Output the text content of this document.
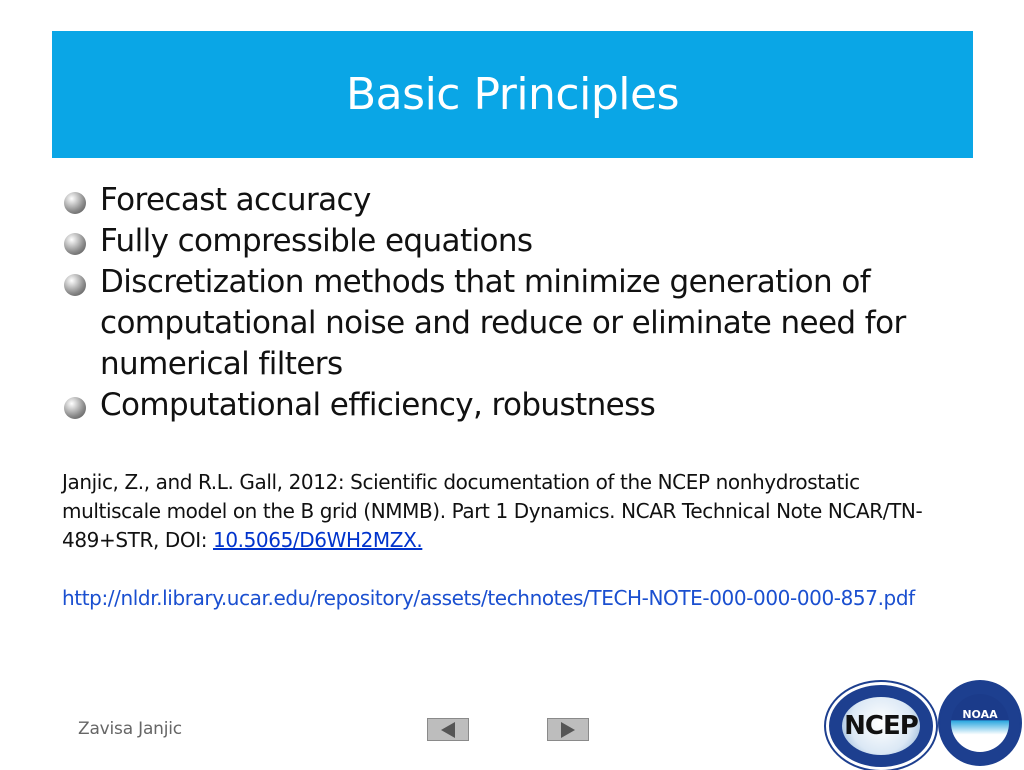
Basic Principles
Forecast accuracy
Fully compressible equations
Discretization methods that minimize generation of computational noise and reduce or eliminate need for numerical filters
Computational efficiency, robustness

Janjic, Z., and R.L. Gall, 2012: Scientific documentation of the NCEP nonhydrostatic multiscale model on the B grid (NMMB). Part 1 Dynamics. NCAR Technical Note NCAR/TN-489+STR, DOI: 10.5065/D6WH2MZX.

http://nldr.library.ucar.edu/repository/assets/technotes/TECH-NOTE-000-000-000-857.pdf

Zavisa Janjic	NCEP	NOAA
